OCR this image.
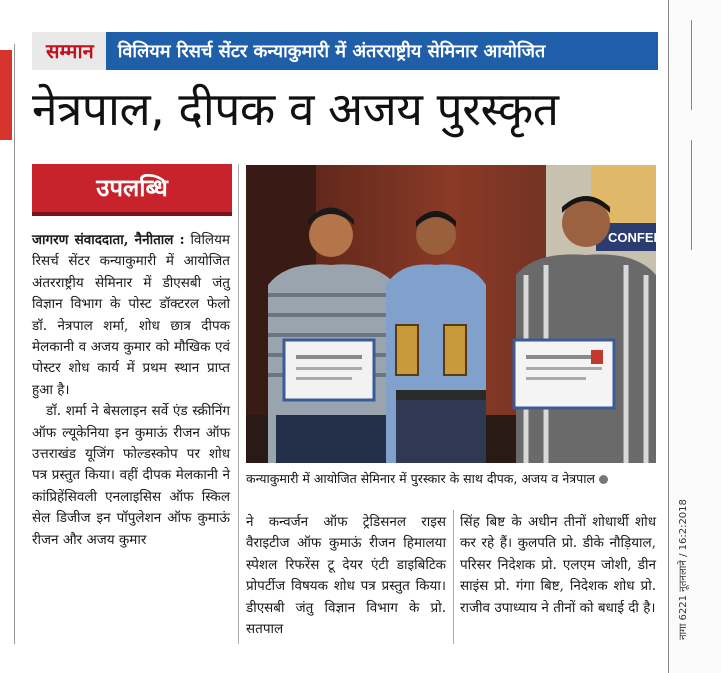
नागा 6221 नूतनलाने / 16:2:2018
सम्मान	विलियम रिसर्च सेंटर कन्याकुमारी में अंतरराष्ट्रीय सेमिनार आयोजित
नेत्रपाल, दीपक व अजय पुरस्कृत
उपलब्धि
जागरण संवाददाता, नैनीताल : विलियम रिसर्च सेंटर कन्याकुमारी में आयोजित अंतरराष्ट्रीय सेमिनार में डीएसबी जंतु विज्ञान विभाग के पोस्ट डॉक्टरल फेलो डॉ. नेत्रपाल शर्मा, शोध छात्र दीपक मेलकानी व अजय कुमार को मौखिक एवं पोस्टर शोध कार्य में प्रथम स्थान प्राप्त हुआ है।
डॉ. शर्मा ने बेसलाइन सर्वे एंड स्क्रीनिंग ऑफ ल्यूकेनिया इन कुमाऊं रीजन ऑफ उत्तराखंड यूजिंग फोल्डस्कोप पर शोध पत्र प्रस्तुत किया। वहीं दीपक मेलकानी ने कांप्रिहेंसिवली एनलाइसिस ऑफ स्किल सेल डिजीज इन पॉपुलेशन ऑफ कुमाऊं रीजन और अजय कुमार
CONFER
कन्याकुमारी में आयोजित सेमिनार में पुरस्कार के साथ दीपक, अजय व नेत्रपाल
ने कन्वर्जन ऑफ ट्रेडिसनल राइस वैराइटीज ऑफ कुमाऊं रीजन हिमालया स्पेशल रिफरेंस टू देयर एंटी डाइबिटिक प्रोपर्टीज विषयक शोध पत्र प्रस्तुत किया। डीएसबी जंतु विज्ञान विभाग के प्रो. सतपाल
सिंह बिष्ट के अधीन तीनों शोधार्थी शोध कर रहे हैं। कुलपति प्रो. डीके नौड़ियाल, परिसर निदेशक प्रो. एलएम जोशी, डीन साइंस प्रो. गंगा बिष्ट, निदेशक शोध प्रो. राजीव उपाध्याय ने तीनों को बधाई दी है।
